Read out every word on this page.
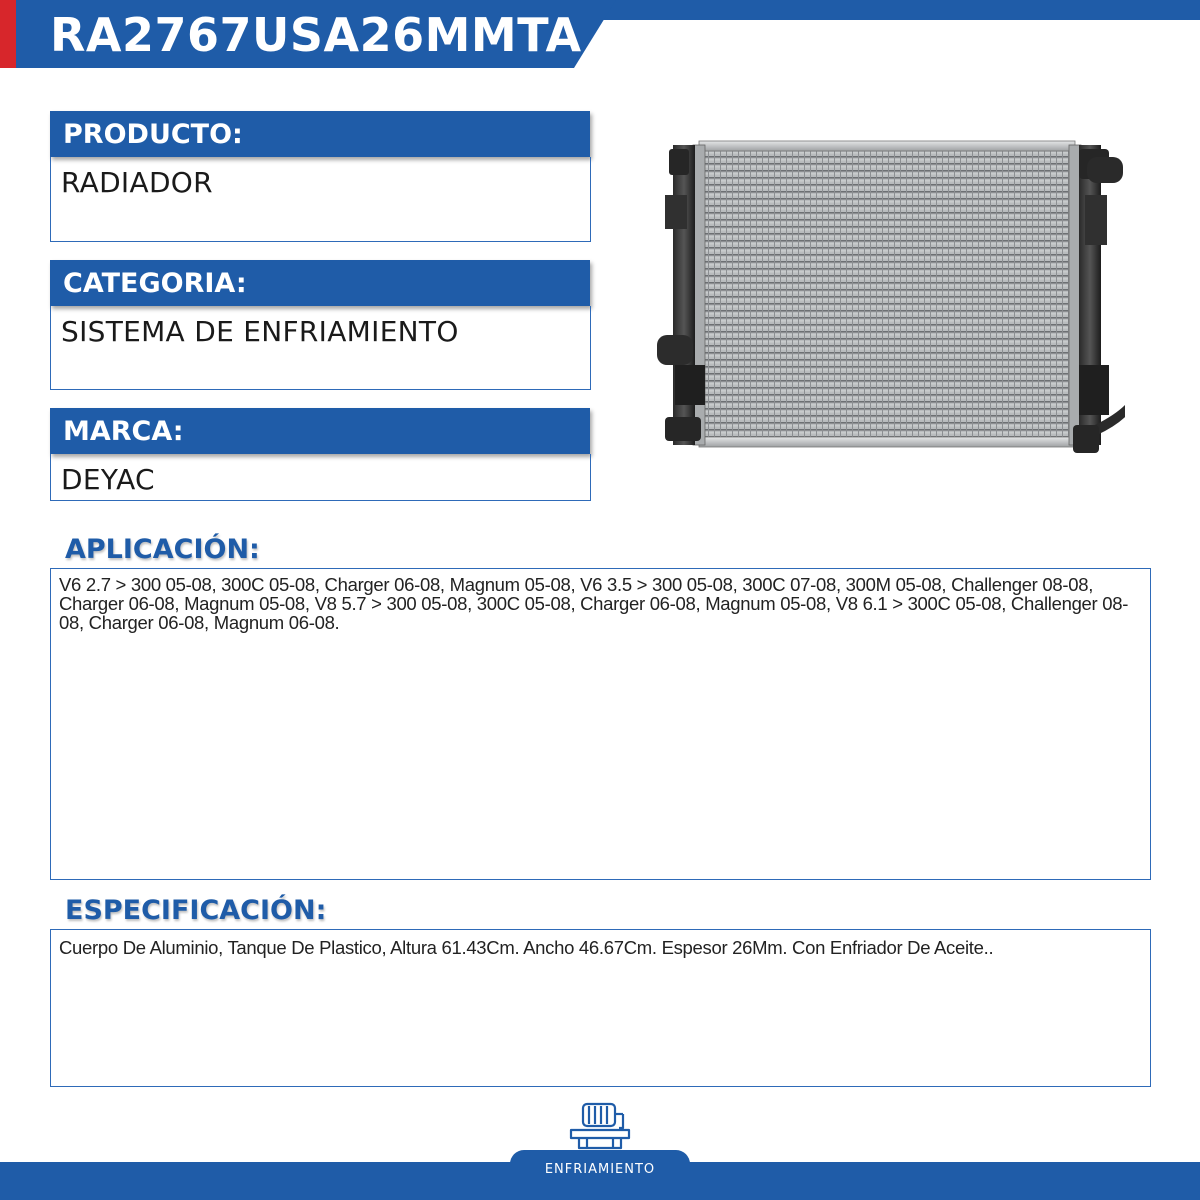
RA2767USA26MMTA
PRODUCTO:
RADIADOR
CATEGORIA:
SISTEMA DE ENFRIAMIENTO
MARCA:
DEYAC
APLICACIÓN:
V6 2.7 > 300 05-08, 300C 05-08, Charger 06-08, Magnum 05-08, V6 3.5 > 300 05-08, 300C 07-08, 300M 05-08, Challenger 08-08, Charger 06-08, Magnum 05-08, V8 5.7 > 300 05-08, 300C 05-08, Charger 06-08, Magnum 05-08, V8 6.1 > 300C 05-08, Challenger 08-08, Charger 06-08, Magnum 06-08.
ESPECIFICACIÓN:
Cuerpo De Aluminio, Tanque De Plastico, Altura 61.43Cm. Ancho 46.67Cm. Espesor 26Mm. Con Enfriador De Aceite..
ENFRIAMIENTO
